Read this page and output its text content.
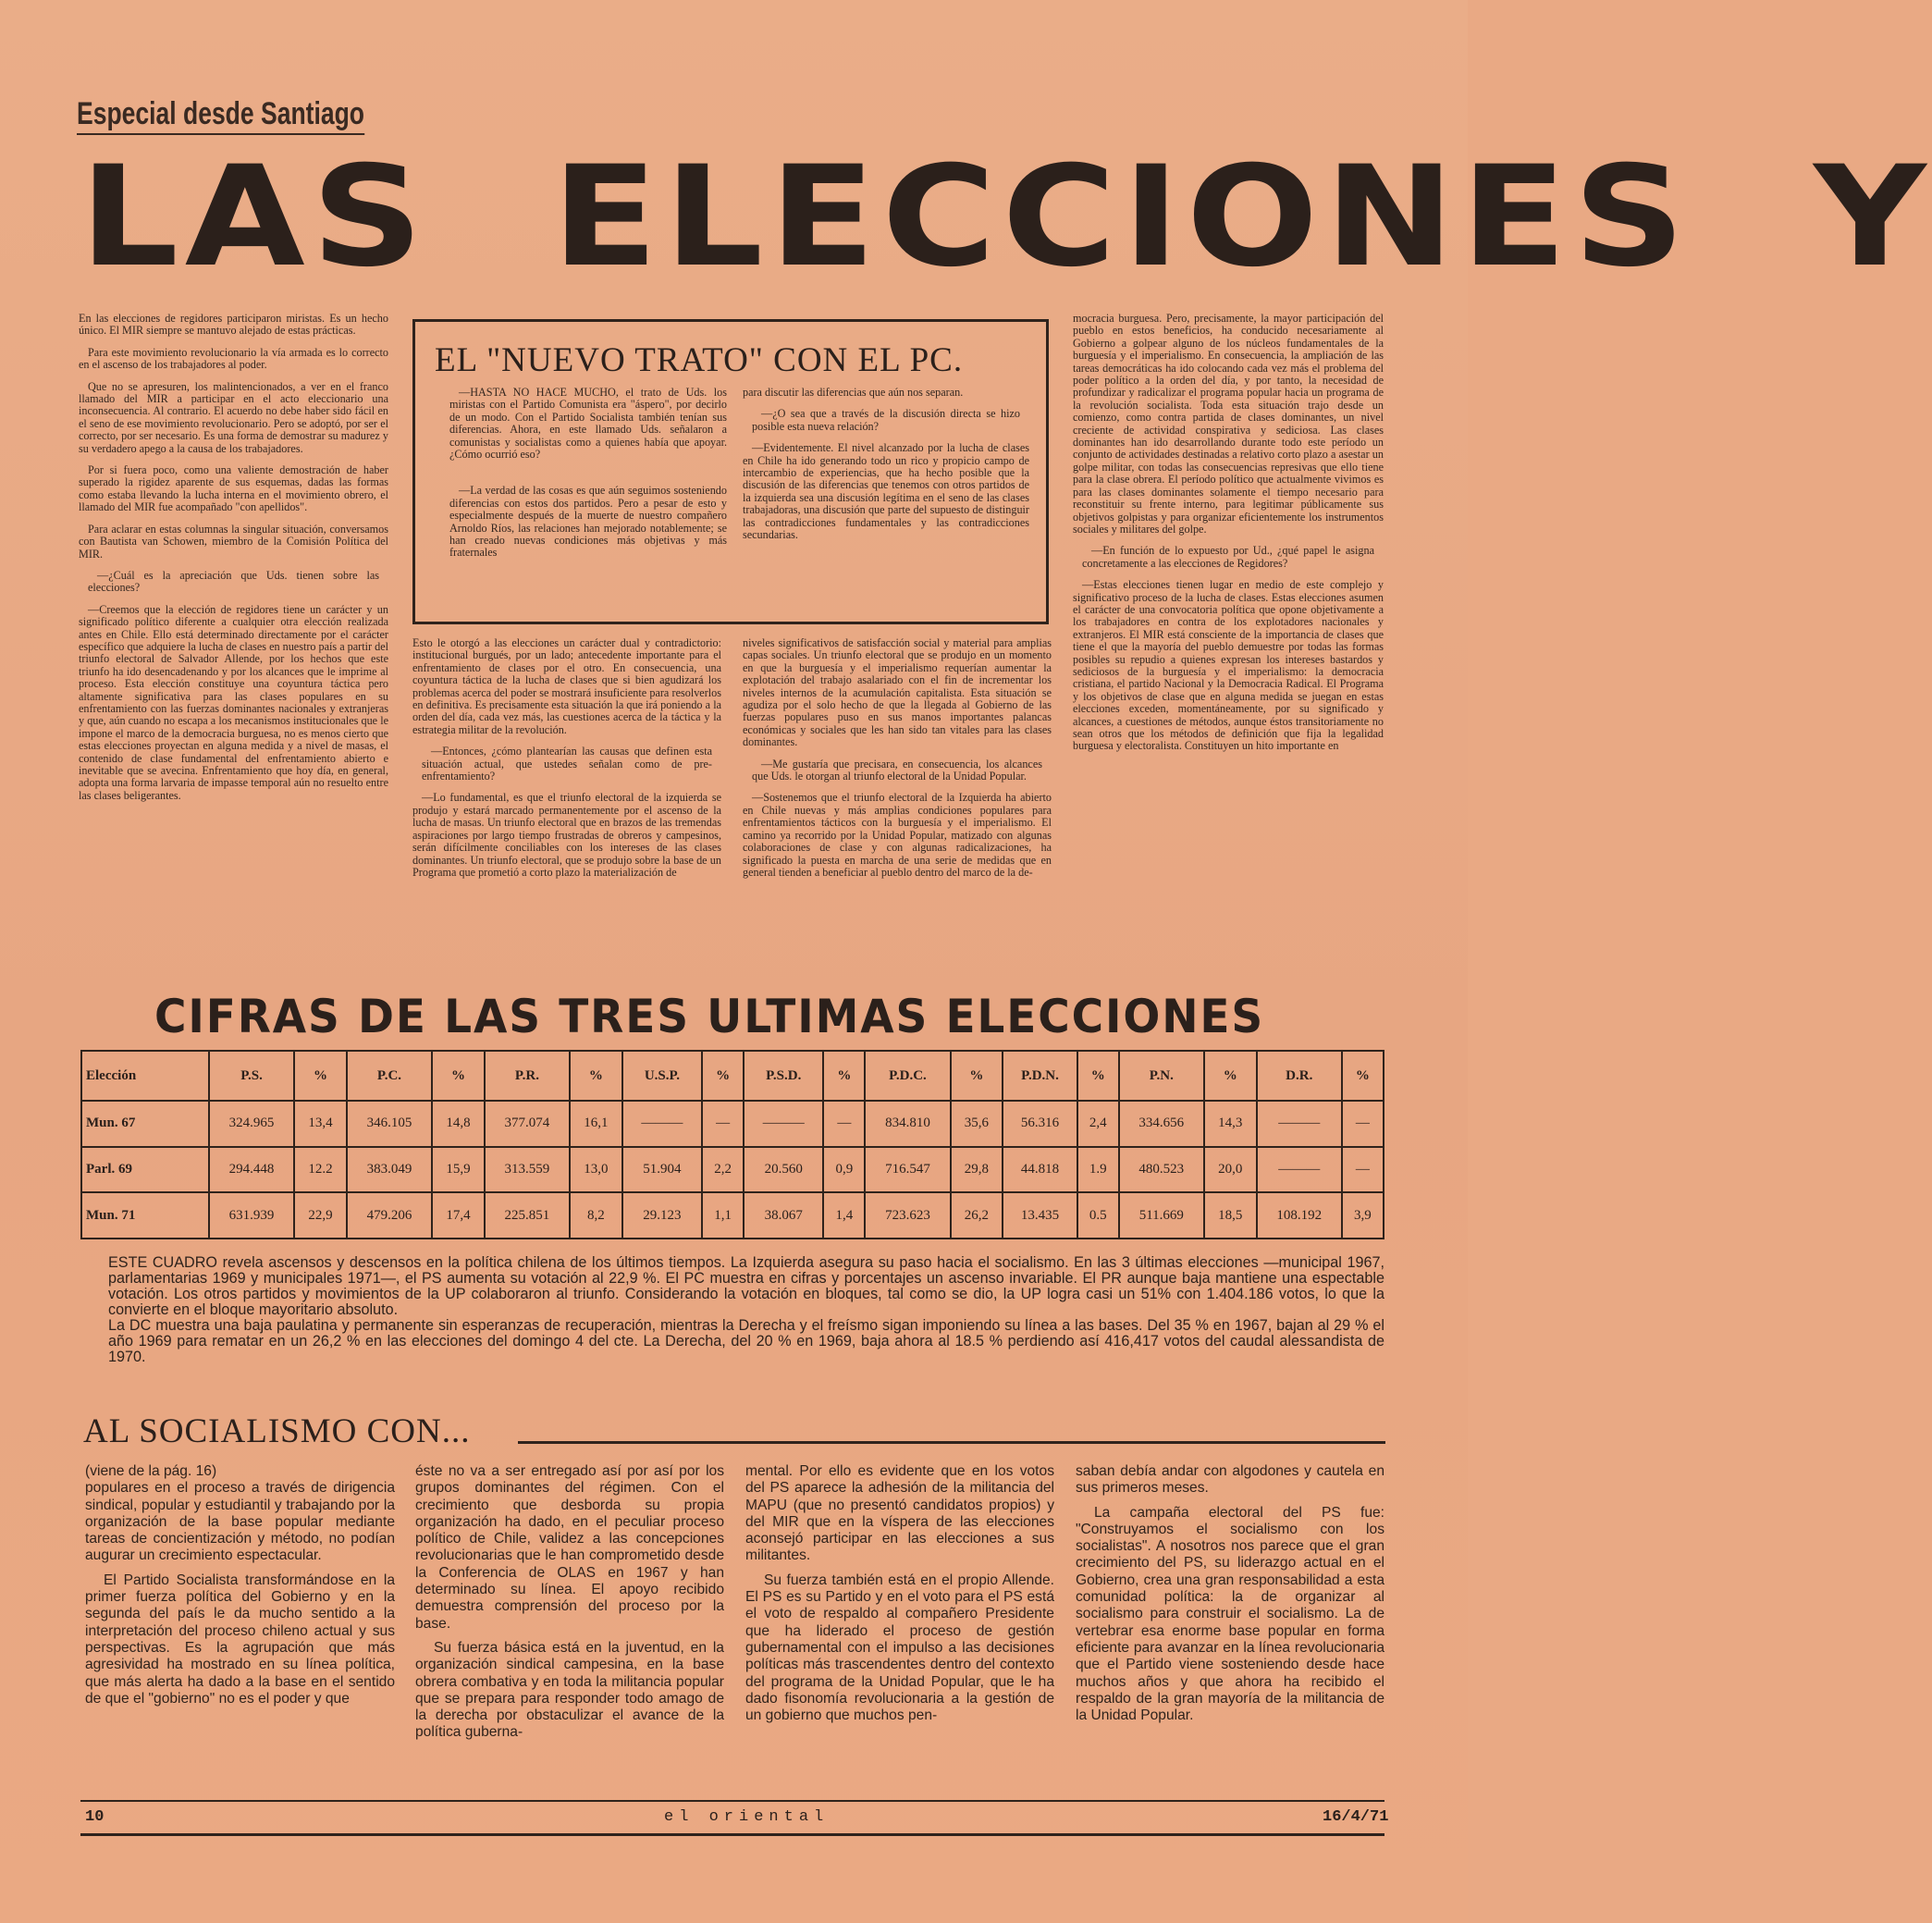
Especial desde Santiago
LAS ELECCIONES Y

En las elecciones de regidores participaron miristas. Es un hecho único. El MIR siempre se mantuvo alejado de estas prácticas.

Para este movimiento revolucionario la vía armada es lo correcto en el ascenso de los trabajadores al poder.

Que no se apresuren, los malintencionados, a ver en el franco llamado del MIR a participar en el acto eleccionario una inconsecuencia. Al contrario. El acuerdo no debe haber sido fácil en el seno de ese movimiento revolucionario. Pero se adoptó, por ser el correcto, por ser necesario. Es una forma de demostrar su madurez y su verdadero apego a la causa de los trabajadores.

Por si fuera poco, como una valiente demostración de haber superado la rigidez aparente de sus esquemas, dadas las formas como estaba llevando la lucha interna en el movimiento obrero, el llamado del MIR fue acompañado "con apellidos".

Para aclarar en estas columnas la singular situación, conversamos con Bautista van Schowen, miembro de la Comisión Política del MIR.

—¿Cuál es la apreciación que Uds. tienen sobre las elecciones?

—Creemos que la elección de regidores tiene un carácter y un significado político diferente a cualquier otra elección realizada antes en Chile. Ello está determinado directamente por el carácter específico que adquiere la lucha de clases en nuestro país a partir del triunfo electoral de Salvador Allende, por los hechos que este triunfo ha ido desencadenando y por los alcances que le imprime al proceso. Esta elección constituye una coyuntura táctica pero altamente significativa para las clases populares en su enfrentamiento con las fuerzas dominantes nacionales y extranjeras y que, aún cuando no escapa a los mecanismos institucionales que le impone el marco de la democracia burguesa, no es menos cierto que estas elecciones proyectan en alguna medida y a nivel de masas, el contenido de clase fundamental del enfrentamiento abierto e inevitable que se avecina. Enfrentamiento que hoy día, en general, adopta una forma larvaria de impasse temporal aún no resuelto entre las clases beligerantes.

EL "NUEVO TRATO" CON EL PC.

—HASTA NO HACE MUCHO, el trato de Uds. los miristas con el Partido Comunista era "áspero", por decirlo de un modo. Con el Partido Socialista también tenían sus diferencias. Ahora, en este llamado Uds. señalaron a comunistas y socialistas como a quienes había que apoyar. ¿Cómo ocurrió eso?

—La verdad de las cosas es que aún seguimos sosteniendo diferencias con estos dos partidos. Pero a pesar de esto y especialmente después de la muerte de nuestro compañero Arnoldo Ríos, las relaciones han mejorado notablemente; se han creado nuevas condiciones más objetivas y más fraternales

para discutir las diferencias que aún nos separan.

—¿O sea que a través de la discusión directa se hizo posible esta nueva relación?

—Evidentemente. El nivel alcanzado por la lucha de clases en Chile ha ido generando todo un rico y propicio campo de intercambio de experiencias, que ha hecho posible que la discusión de las diferencias que tenemos con otros partidos de la izquierda sea una discusión legítima en el seno de las clases trabajadoras, una discusión que parte del supuesto de distinguir las contradicciones fundamentales y las contradicciones secundarias.

Esto le otorgó a las elecciones un carácter dual y contradictorio: institucional burgués, por un lado; antecedente importante para el enfrentamiento de clases por el otro. En consecuencia, una coyuntura táctica de la lucha de clases que si bien agudizará los problemas acerca del poder se mostrará insuficiente para resolverlos en definitiva. Es precisamente esta situación la que irá poniendo a la orden del día, cada vez más, las cuestiones acerca de la táctica y la estrategia militar de la revolución.

—Entonces, ¿cómo plantearían las causas que definen esta situación actual, que ustedes señalan como de pre-enfrentamiento?

—Lo fundamental, es que el triunfo electoral de la izquierda se produjo y estará marcado permanentemente por el ascenso de la lucha de masas. Un triunfo electoral que en brazos de las tremendas aspiraciones por largo tiempo frustradas de obreros y campesinos, serán difícilmente conciliables con los intereses de las clases dominantes. Un triunfo electoral, que se produjo sobre la base de un Programa que prometió a corto plazo la materialización de

niveles significativos de satisfacción social y material para amplias capas sociales. Un triunfo electoral que se produjo en un momento en que la burguesía y el imperialismo requerían aumentar la explotación del trabajo asalariado con el fin de incrementar los niveles internos de la acumulación capitalista. Esta situación se agudiza por el solo hecho de que la llegada al Gobierno de las fuerzas populares puso en sus manos importantes palancas económicas y sociales que les han sido tan vitales para las clases dominantes.

—Me gustaría que precisara, en consecuencia, los alcances que Uds. le otorgan al triunfo electoral de la Unidad Popular.

—Sostenemos que el triunfo electoral de la Izquierda ha abierto en Chile nuevas y más amplias condiciones populares para enfrentamientos tácticos con la burguesía y el imperialismo. El camino ya recorrido por la Unidad Popular, matizado con algunas colaboraciones de clase y con algunas radicalizaciones, ha significado la puesta en marcha de una serie de medidas que en general tienden a beneficiar al pueblo dentro del marco de la de-

mocracia burguesa. Pero, precisamente, la mayor participación del pueblo en estos beneficios, ha conducido necesariamente al Gobierno a golpear alguno de los núcleos fundamentales de la burguesía y el imperialismo. En consecuencia, la ampliación de las tareas democráticas ha ido colocando cada vez más el problema del poder político a la orden del día, y por tanto, la necesidad de profundizar y radicalizar el programa popular hacia un programa de la revolución socialista. Toda esta situación trajo desde un comienzo, como contra partida de clases dominantes, un nivel creciente de actividad conspirativa y sediciosa. Las clases dominantes han ido desarrollando durante todo este período un conjunto de actividades destinadas a relativo corto plazo a asestar un golpe militar, con todas las consecuencias represivas que ello tiene para la clase obrera. El período político que actualmente vivimos es para las clases dominantes solamente el tiempo necesario para reconstituir su frente interno, para legitimar públicamente sus objetivos golpistas y para organizar eficientemente los instrumentos sociales y militares del golpe.

—En función de lo expuesto por Ud., ¿qué papel le asigna concretamente a las elecciones de Regidores?

—Estas elecciones tienen lugar en medio de este complejo y significativo proceso de la lucha de clases. Estas elecciones asumen el carácter de una convocatoria política que opone objetivamente a los trabajadores en contra de los explotadores nacionales y extranjeros. El MIR está consciente de la importancia de clases que tiene el que la mayoría del pueblo demuestre por todas las formas posibles su repudio a quienes expresan los intereses bastardos y sediciosos de la burguesía y el imperialismo: la democracia cristiana, el partido Nacional y la Democracia Radical. El Programa y los objetivos de clase que en alguna medida se juegan en estas elecciones exceden, momentáneamente, por su significado y alcances, a cuestiones de métodos, aunque éstos transitoriamente no sean otros que los métodos de definición que fija la legalidad burguesa y electoralista. Constituyen un hito importante en

CIFRAS DE LAS TRES ULTIMAS ELECCIONES
Elección	P.S.	%	P.C.	%	P.R.	%	U.S.P.	%	P.S.D.	%	P.D.C.	%	P.D.N.	%	P.N.	%	D.R.	%
Mun. 67	324.965	13,4	346.105	14,8	377.074	16,1	———	—	———	—	834.810	35,6	56.316	2,4	334.656	14,3	———	—
Parl. 69	294.448	12.2	383.049	15,9	313.559	13,0	51.904	2,2	20.560	0,9	716.547	29,8	44.818	1.9	480.523	20,0	———	—
Mun. 71	631.939	22,9	479.206	17,4	225.851	8,2	29.123	1,1	38.067	1,4	723.623	26,2	13.435	0.5	511.669	18,5	108.192	3,9

ESTE CUADRO revela ascensos y descensos en la política chilena de los últimos tiempos. La Izquierda asegura su paso hacia el socialismo. En las 3 últimas elecciones —municipal 1967, parlamentarias 1969 y municipales 1971—, el PS aumenta su votación al 22,9 %. El PC muestra en cifras y porcentajes un ascenso invariable. El PR aunque baja mantiene una espectable votación. Los otros partidos y movimientos de la UP colaboraron al triunfo. Considerando la votación en bloques, tal como se dio, la UP logra casi un 51% con 1.404.186 votos, lo que la convierte en el bloque mayoritario absoluto.

La DC muestra una baja paulatina y permanente sin esperanzas de recuperación, mientras la Derecha y el freísmo sigan imponiendo su línea a las bases. Del 35 % en 1967, bajan al 29 % el año 1969 para rematar en un 26,2 % en las elecciones del domingo 4 del cte. La Derecha, del 20 % en 1969, baja ahora al 18.5 % perdiendo así 416,417 votos del caudal alessandista de 1970.

AL SOCIALISMO CON...

(viene de la pág. 16)

populares en el proceso a través de dirigencia sindical, popular y estudiantil y trabajando por la organización de la base popular mediante tareas de concientización y método, no podían augurar un crecimiento espectacular.

El Partido Socialista transformándose en la primer fuerza política del Gobierno y en la segunda del país le da mucho sentido a la interpretación del proceso chileno actual y sus perspectivas. Es la agrupación que más agresividad ha mostrado en su línea política, que más alerta ha dado a la base en el sentido de que el "gobierno" no es el poder y que

éste no va a ser entregado así por así por los grupos dominantes del régimen. Con el crecimiento que desborda su propia organización ha dado, en el peculiar proceso político de Chile, validez a las concepciones revolucionarias que le han comprometido desde la Conferencia de OLAS en 1967 y han determinado su línea. El apoyo recibido demuestra comprensión del proceso por la base.

Su fuerza básica está en la juventud, en la organización sindical campesina, en la base obrera combativa y en toda la militancia popular que se prepara para responder todo amago de la derecha por obstaculizar el avance de la política guberna-

mental. Por ello es evidente que en los votos del PS aparece la adhesión de la militancia del MAPU (que no presentó candidatos propios) y del MIR que en la víspera de las elecciones aconsejó participar en las elecciones a sus militantes.

Su fuerza también está en el propio Allende. El PS es su Partido y en el voto para el PS está el voto de respaldo al compañero Presidente que ha liderado el proceso de gestión gubernamental con el impulso a las decisiones políticas más trascendentes dentro del contexto del programa de la Unidad Popular, que le ha dado fisonomía revolucionaria a la gestión de un gobierno que muchos pen-

saban debía andar con algodones y cautela en sus primeros meses.

La campaña electoral del PS fue: "Construyamos el socialismo con los socialistas". A nosotros nos parece que el gran crecimiento del PS, su liderazgo actual en el Gobierno, crea una gran responsabilidad a esta comunidad política: la de organizar al socialismo para construir el socialismo. La de vertebrar esa enorme base popular en forma eficiente para avanzar en la línea revolucionaria que el Partido viene sosteniendo desde hace muchos años y que ahora ha recibido el respaldo de la gran mayoría de la militancia de la Unidad Popular.

10	el oriental	16/4/71
